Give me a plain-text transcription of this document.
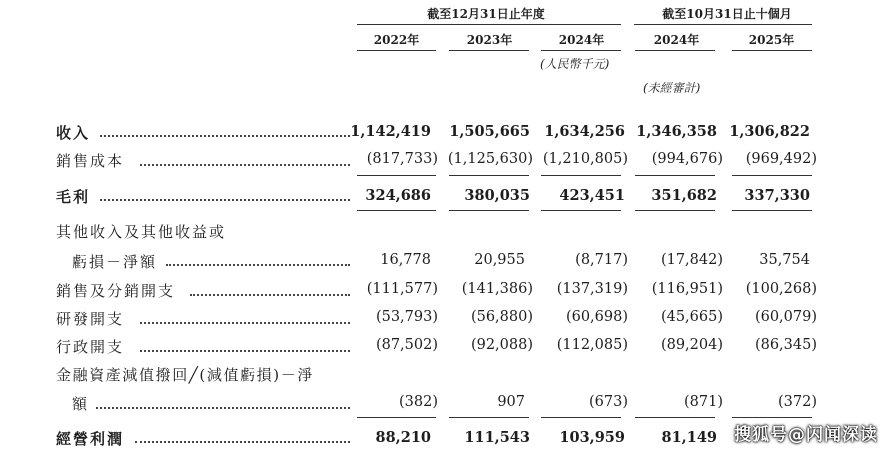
截至12月31日止年度	截至10月31日止十個月
2022年	2023年	2024年	2024年	2025年
(人民幣千元)
(未經審計)
收入	1,142,419	1,505,665 1,634,256 1,346,358 1,306,822
銷售成本	(817,733) (1,125,630) (1,210,805)	(994,676)	(969,492)
毛利	324,686	380,035	423,451	351,682	337,330
其他收入及其他收益或
虧損－淨額	16,778	20,955	(8,717)	(17,842)	35,754
銷售及分銷開支	(111,577)	(141,386)	(137,319)	(116,951)	(100,268)
研發開支	(53,793)	(56,880)	(60,698)	(45,665)	(60,079)
行政開支	(87,502)	(92,088)	(112,085)	(89,204)	(86,345)
金融資產減值撥回╱(減值虧損)－淨
額	(382)	907	(673)	(871)	(372)
經營利潤	88,210	111,543	103,959	81,149 搜狐号@闪闻深读
